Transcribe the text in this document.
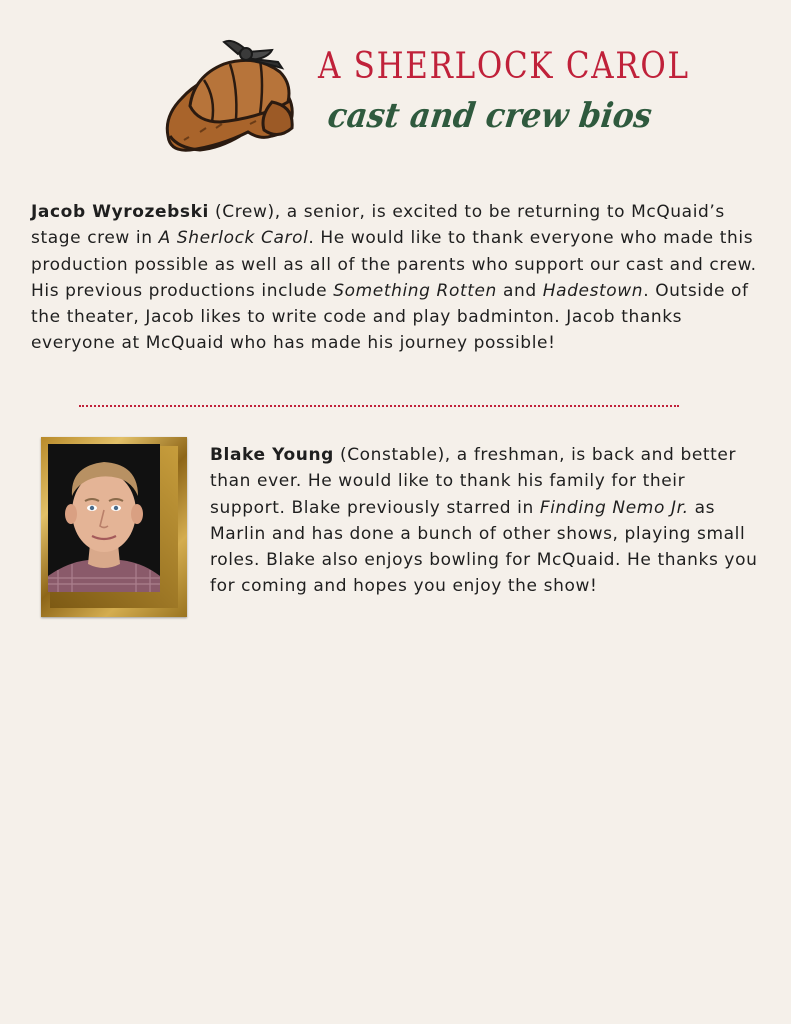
A SHERLOCK CAROL
cast and crew bios

Jacob Wyrozebski (Crew), a senior, is excited to be returning to McQuaid’s stage crew in A Sherlock Carol. He would like to thank everyone who made this production possible as well as all of the parents who support our cast and crew. His previous productions include Something Rotten and Hadestown. Outside of the theater, Jacob likes to write code and play badminton. Jacob thanks everyone at McQuaid who has made his journey possible!

Blake Young (Constable), a freshman, is back and better than ever. He would like to thank his family for their support. Blake previously starred in Finding Nemo Jr. as Marlin and has done a bunch of other shows, playing small roles. Blake also enjoys bowling for McQuaid. He thanks you for coming and hopes you enjoy the show!
